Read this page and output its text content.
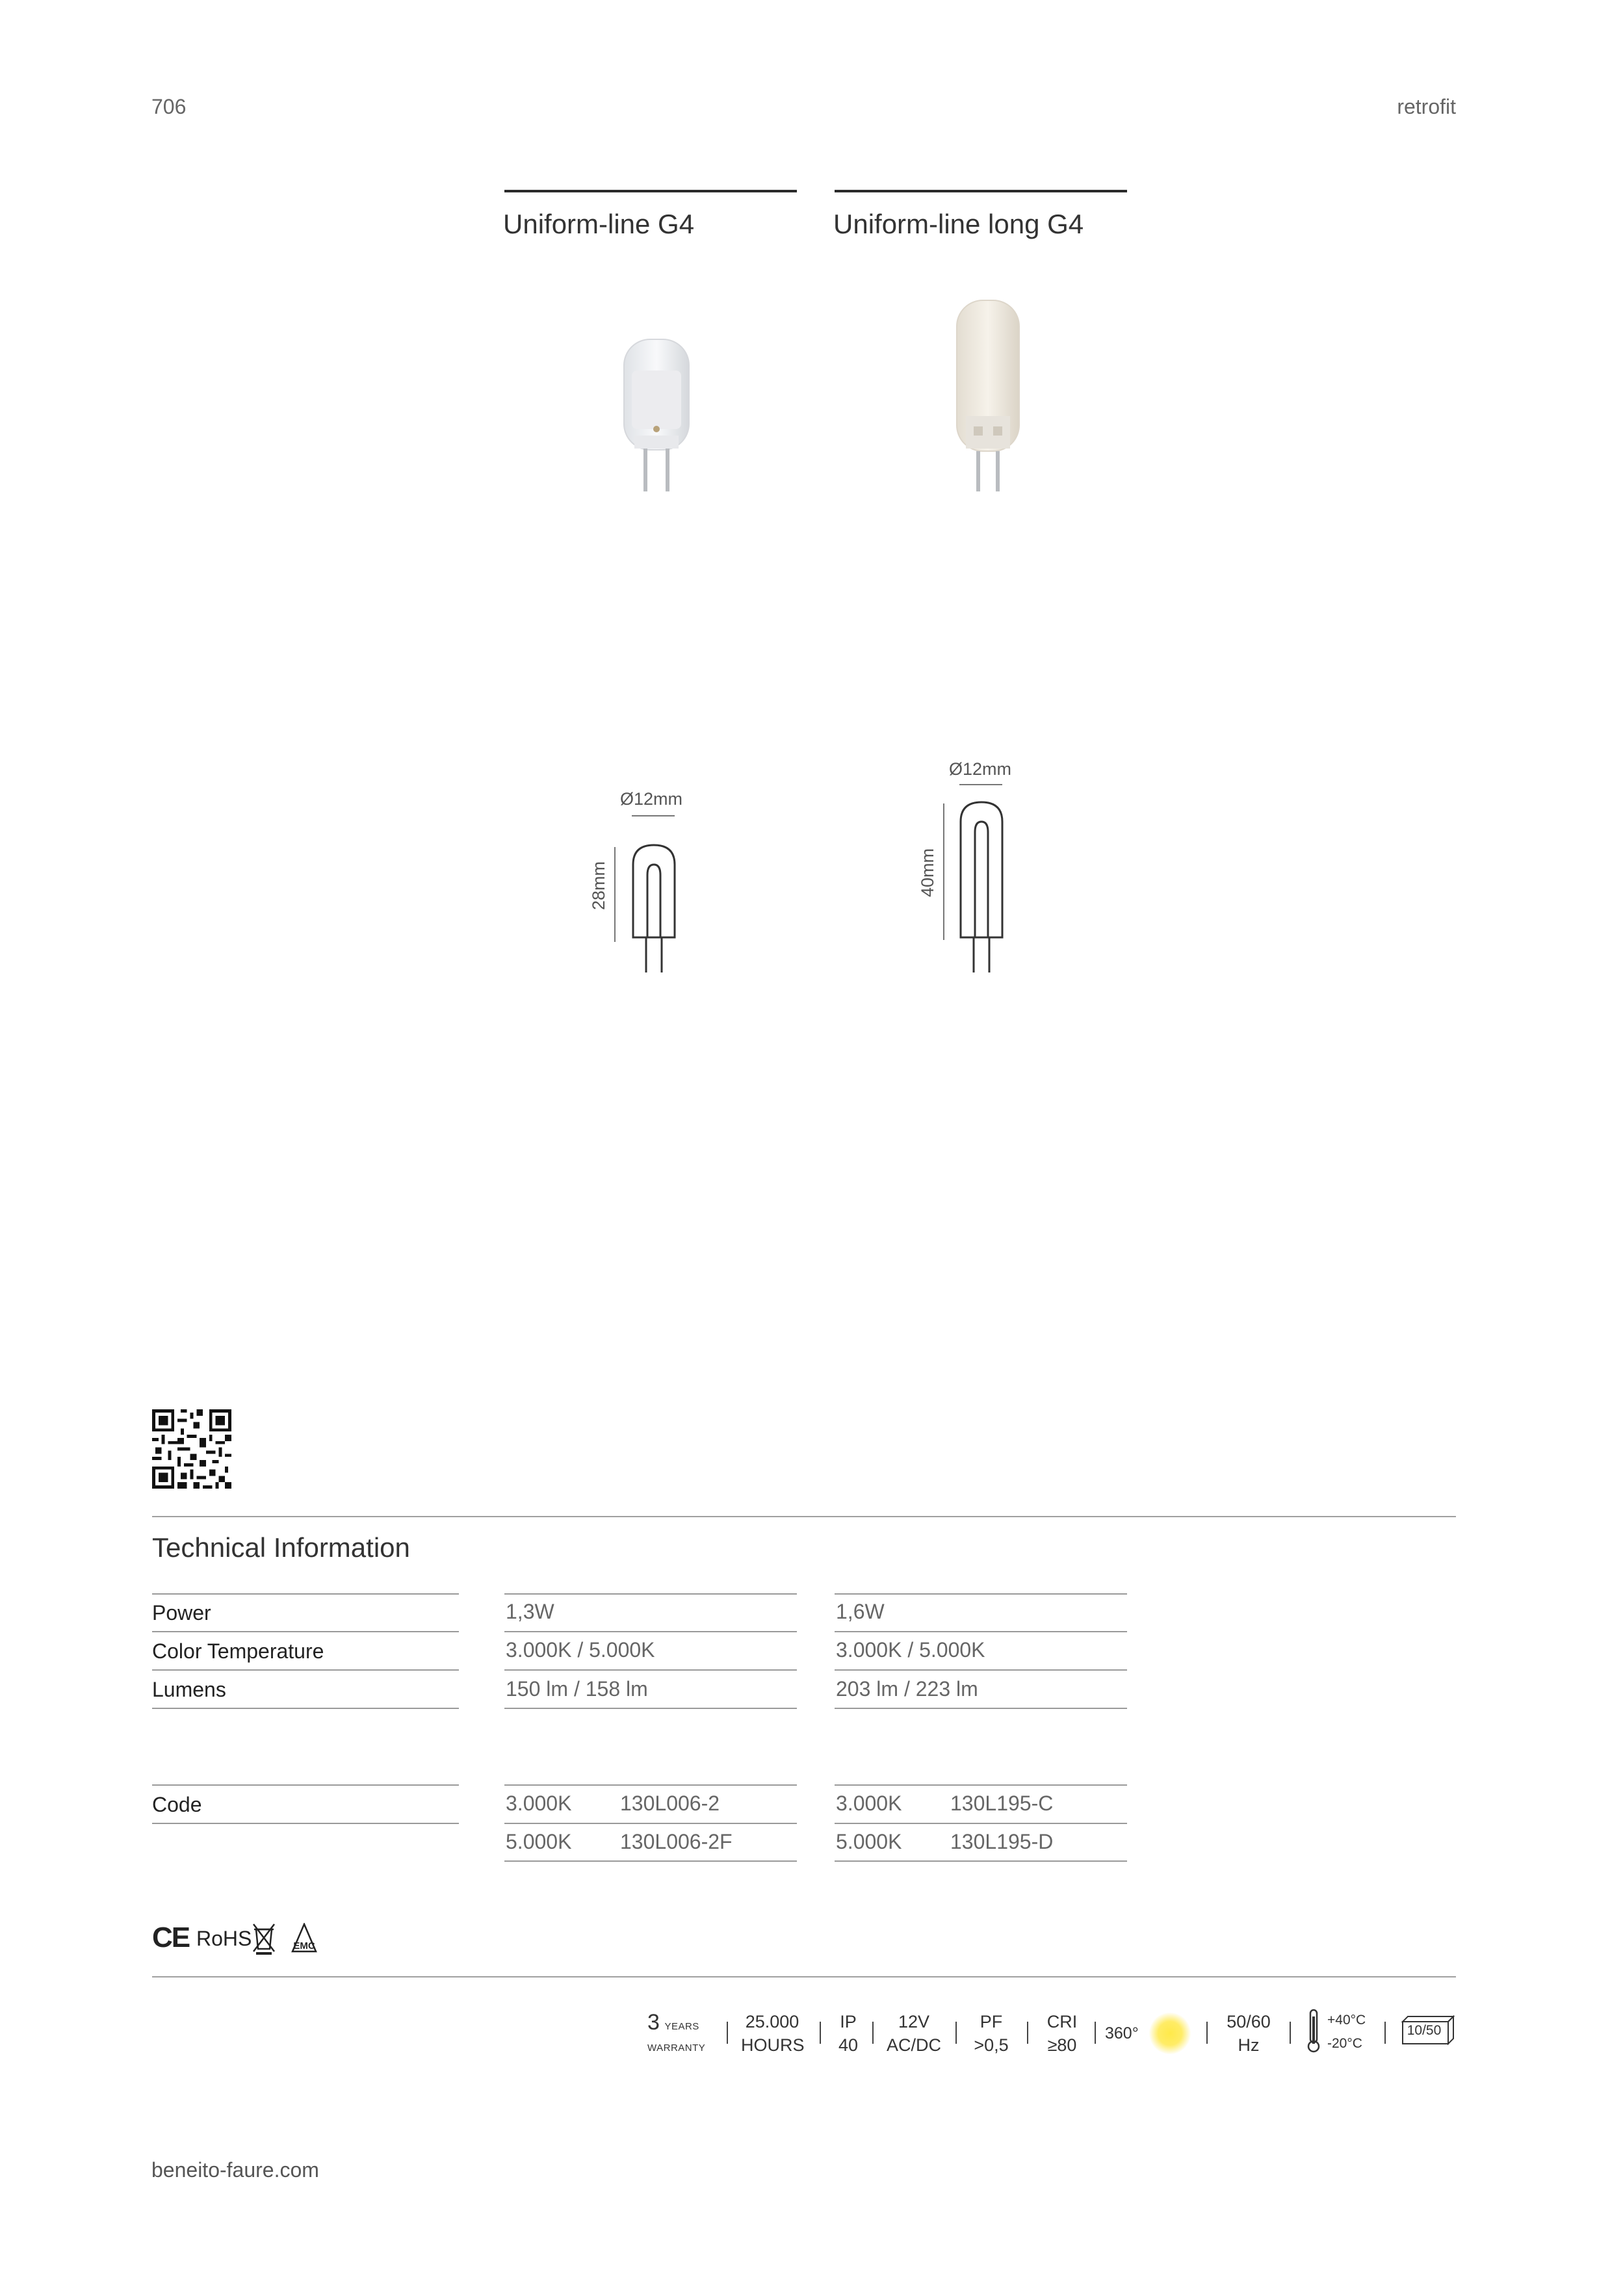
706	retrofit
Uniform-line G4	Uniform-line long G4
Ø12mm
28mm
Ø12mm
40mm
Technical Information
Power	1,3W	1,6W
Color Temperature	3.000K / 5.000K	3.000K / 5.000K
Lumens	150 lm / 158 lm	203 lm / 223 lm
Code	3.000K 130L006-2	3.000K 130L195-C
5.000K 130L006-2F	5.000K 130L195-D
CE RoHS	EMC
3 YEARS
$^{WARRANTY}$
25.000
HOURS
IP
40
12V
AC/DC
PF
>0,5
CRI
≥80
360°
50/60
Hz
+40°C
-20°C
10/50
beneito-faure.com
